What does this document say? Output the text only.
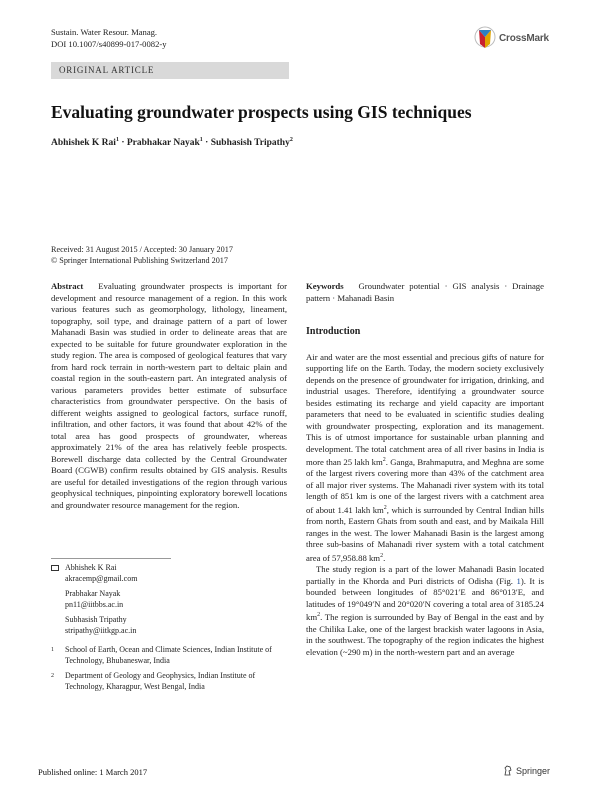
Sustain. Water Resour. Manag.
DOI 10.1007/s40899-017-0082-y
CrossMark
ORIGINAL ARTICLE
Evaluating groundwater prospects using GIS techniques
Abhishek K Rai$^1$ · Prabhakar Nayak$^1$ · Subhasish Tripathy$^2$
Received: 31 August 2015 / Accepted: 30 January 2017
© Springer International Publishing Switzerland 2017

Abstract Evaluating groundwater prospects is important for development and resource management of a region. In this work various features such as geomorphology, lithology, lineament, topography, soil type, and drainage pattern of a part of lower Mahanadi Basin was studied in order to delineate areas that are expected to be suitable for future groundwater exploration in the study region. The area is composed of geological features that vary from hard rock terrain in north-western part to deltaic plain and coastal region in the south-eastern part. An integrated analysis of various parameters provides better estimate of subsurface characteristics from groundwater perspective. On the basis of different weights assigned to geological factors, surface runoff, infiltration, and other factors, it was found that about 42% of the total area has good prospects of groundwater, whereas approximately 21% of the area has relatively feeble prospects. Borewell discharge data collected by the Central Groundwater Board (CGWB) confirm results obtained by GIS analysis. Results are useful for detailed investigations of the region through various geophysical techniques, pinpointing exploratory borewell locations and groundwater resource management for the region.

Abhishek K Rai
akracemp@gmail.com
Prabhakar Nayak
pn11@iitbbs.ac.in
Subhasish Tripathy
stripathy@iitkgp.ac.in
1 School of Earth, Ocean and Climate Sciences, Indian Institute of Technology, Bhubaneswar, India
2 Department of Geology and Geophysics, Indian Institute of Technology, Kharagpur, West Bengal, India

Keywords Groundwater potential · GIS analysis · Drainage pattern · Mahanadi Basin

Introduction

Air and water are the most essential and precious gifts of nature for supporting life on the Earth. Today, the modern society exclusively depends on the presence of groundwater for irrigation, drinking, and industrial usages. Therefore, identifying a groundwater source besides estimating its recharge and yield capacity are important parameters that need to be evaluated in scientific studies dealing with groundwater prospecting, exploration and its management. This is of utmost importance for sustainable urban planning and development. The total catchment area of all river basins in India is more than 25 lakh $km^2$. Ganga, Brahmaputra, and Meghna are some of the largest rivers covering more than 43% of the catchment area of all major river systems. The Mahanadi river system with its total length of 851 km is one of the largest rivers with a catchment area of about 1.41 lakh $km^2$, which is surrounded by Central Indian hills from north, Eastern Ghats from south and east, and by Maikala Hill ranges in the west. The lower Mahanadi Basin is the largest among three sub-basins of Mahanadi river system with a total catchment area of 57,958.88 $km^2$.

The study region is a part of the lower Mahanadi Basin located partially in the Khorda and Puri districts of Odisha (Fig. 1). It is bounded between longitudes of 85°021′E and 86°013′E, and latitudes of 19°049′N and 20°020′N covering a total area of 3185.24 $km^2$. The region is surrounded by Bay of Bengal in the east and by the Chilika Lake, one of the largest brackish water lagoons in Asia, in the southwest. The topography of the region indicates the highest elevation (~290 m) in the north-western part and an average

Published online: 1 March 2017	Springer
